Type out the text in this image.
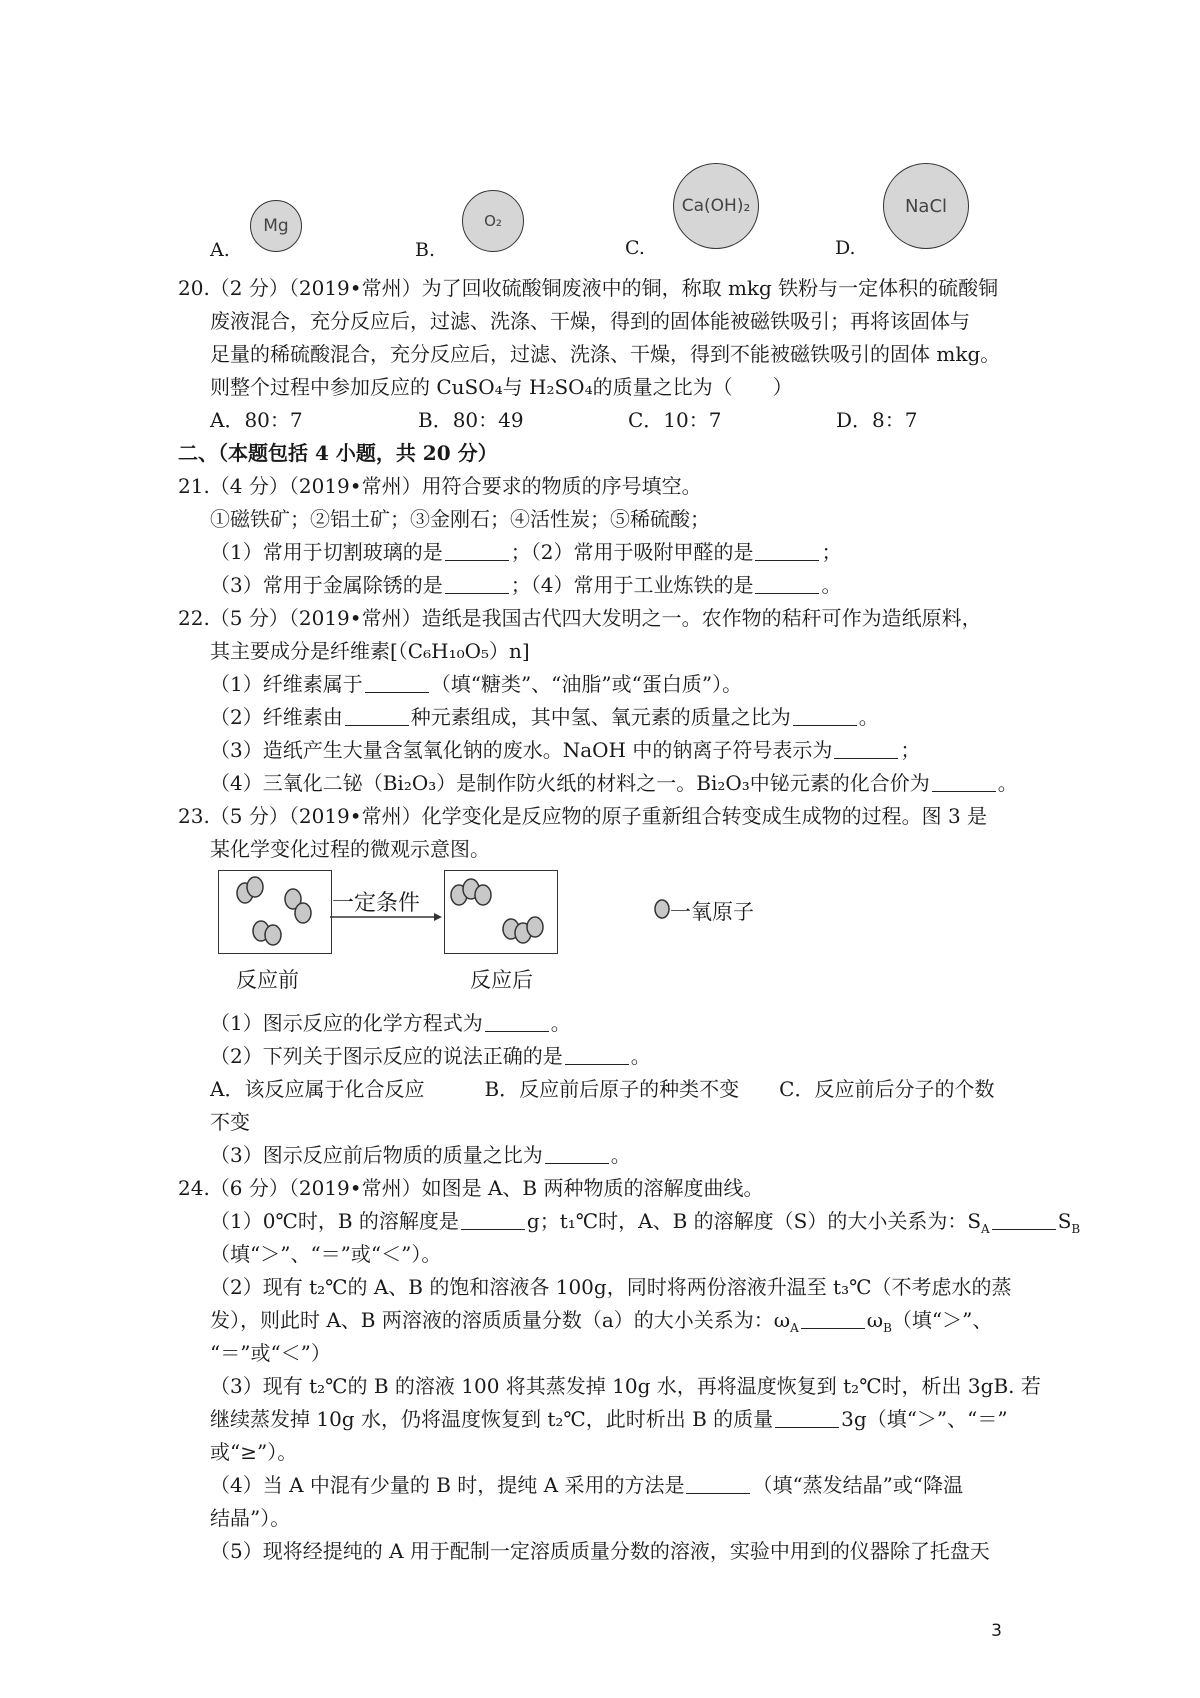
A.
Mg
B.
O₂
C.
Ca(OH)₂
D.
NaCl
20.（2 分）（2019•常州）为了回收硫酸铜废液中的铜，称取 mkg 铁粉与一定体积的硫酸铜
废液混合，充分反应后，过滤、洗涤、干燥，得到的固体能被磁铁吸引；再将该固体与
足量的稀硫酸混合，充分反应后，过滤、洗涤、干燥，得到不能被磁铁吸引的固体 mkg。
则整个过程中参加反应的 CuSO₄与 H₂SO₄的质量之比为（　　）
A．80：7	B．80：49	C．10：7	D．8：7
二、（本题包括 4 小题，共 20 分）
21.（4 分）（2019•常州）用符合要求的物质的序号填空。
①磁铁矿；②铝土矿；③金刚石；④活性炭；⑤稀硫酸；
（1）常用于切割玻璃的是	；（2）常用于吸附甲醛的是	；
（3）常用于金属除锈的是	；（4）常用于工业炼铁的是	。
22.（5 分）（2019•常州）造纸是我国古代四大发明之一。农作物的秸秆可作为造纸原料，
其主要成分是纤维素[（C₆H₁₀O₅）n]
（1）纤维素属于	（填“糖类”、“油脂”或“蛋白质”）。
（2）纤维素由	种元素组成，其中氢、氧元素的质量之比为	。
（3）造纸产生大量含氢氧化钠的废水。NaOH 中的钠离子符号表示为	；
（4）三氧化二铋（Bi₂O₃）是制作防火纸的材料之一。Bi₂O₃中铋元素的化合价为	。
23.（5 分）（2019•常州）化学变化是反应物的原子重新组合转变成生成物的过程。图 3 是
某化学变化过程的微观示意图。
一定条件	一氧原子
反应前	反应后
（1）图示反应的化学方程式为	。
（2）下列关于图示反应的说法正确的是	。
A．该反应属于化合反应　　　B．反应前后原子的种类不变　　C．反应前后分子的个数
不变
（3）图示反应前后物质的质量之比为	。
24.（6 分）（2019•常州）如图是 A、B 两种物质的溶解度曲线。
（1）0℃时，B 的溶解度是	g；t₁℃时，A、B 的溶解度（S）的大小关系为：$S_A$	$S_B$
（填“＞”、“＝”或“＜”）。
（2）现有 t₂℃的 A、B 的饱和溶液各 100g，同时将两份溶液升温至 t₃℃（不考虑水的蒸
发），则此时 A、B 两溶液的溶质质量分数（a）的大小关系为：$\omega_A$	$\omega_B$（填“＞”、
“＝”或“＜”）
（3）现有 t₂℃的 B 的溶液 100 将其蒸发掉 10g 水，再将温度恢复到 t₂℃时，析出 3gB. 若
继续蒸发掉 10g 水，仍将温度恢复到 t₂℃，此时析出 B 的质量	3g（填“＞”、“＝”
或“≥”）。
（4）当 A 中混有少量的 B 时，提纯 A 采用的方法是	（填“蒸发结晶”或“降温
结晶”）。
（5）现将经提纯的 A 用于配制一定溶质质量分数的溶液，实验中用到的仪器除了托盘天
3
